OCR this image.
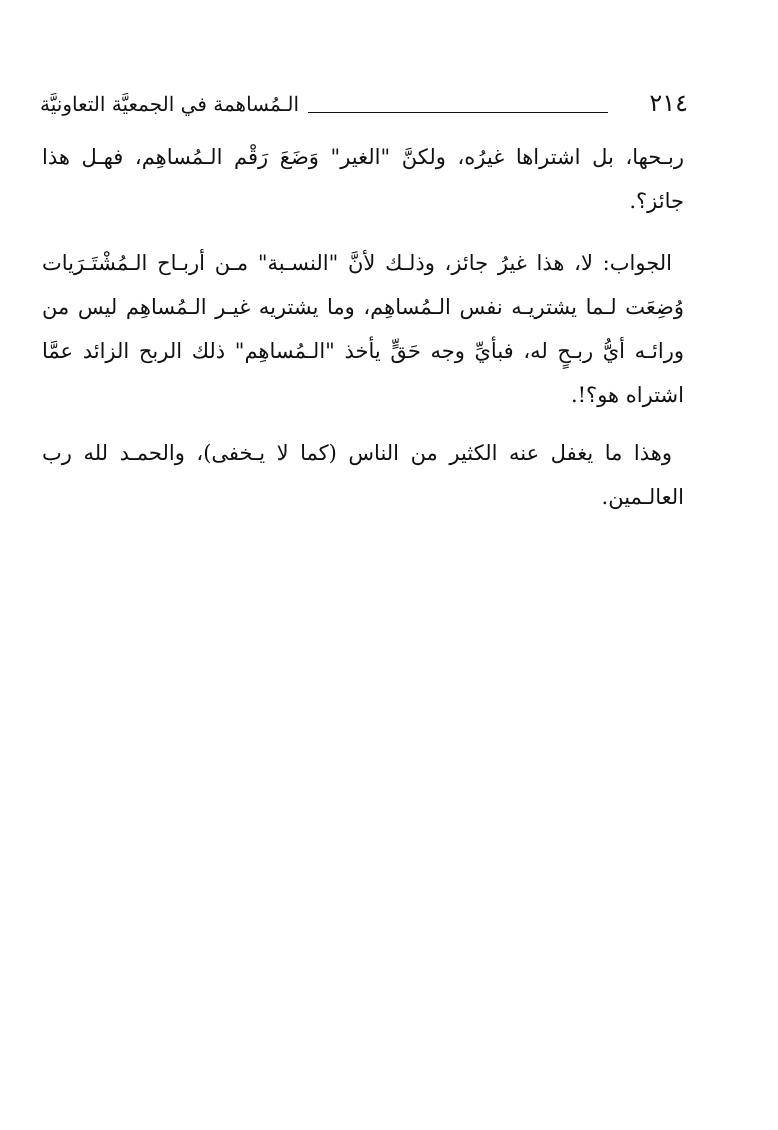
٢١٤
الـمُساهمة في الجمعيَّة التعاونيَّة

ربـحها، بل اشتراها غيرُه، ولكنَّ "الغير" وَضَعَ رَقْم الـمُساهِم، فهـل هذا جائز؟.

الجواب: لا، هذا غيرُ جائز، وذلـك لأنَّ "النسـبة" مـن أربـاح الـمُشْتَـرَيات وُضِعَت لـما يشتريـه نفس الـمُساهِم، وما يشتريه غيـر الـمُساهِم ليس من ورائـه أيُّ ربـحٍ له، فبأيِّ وجه حَقٍّ يأخذ "الـمُساهِم" ذلك الربح الزائد عمَّا اشتراه هو؟!.

وهذا ما يغفل عنه الكثير من الناس (كما لا يـخفى)، والحمـد لله رب العالـمين.
